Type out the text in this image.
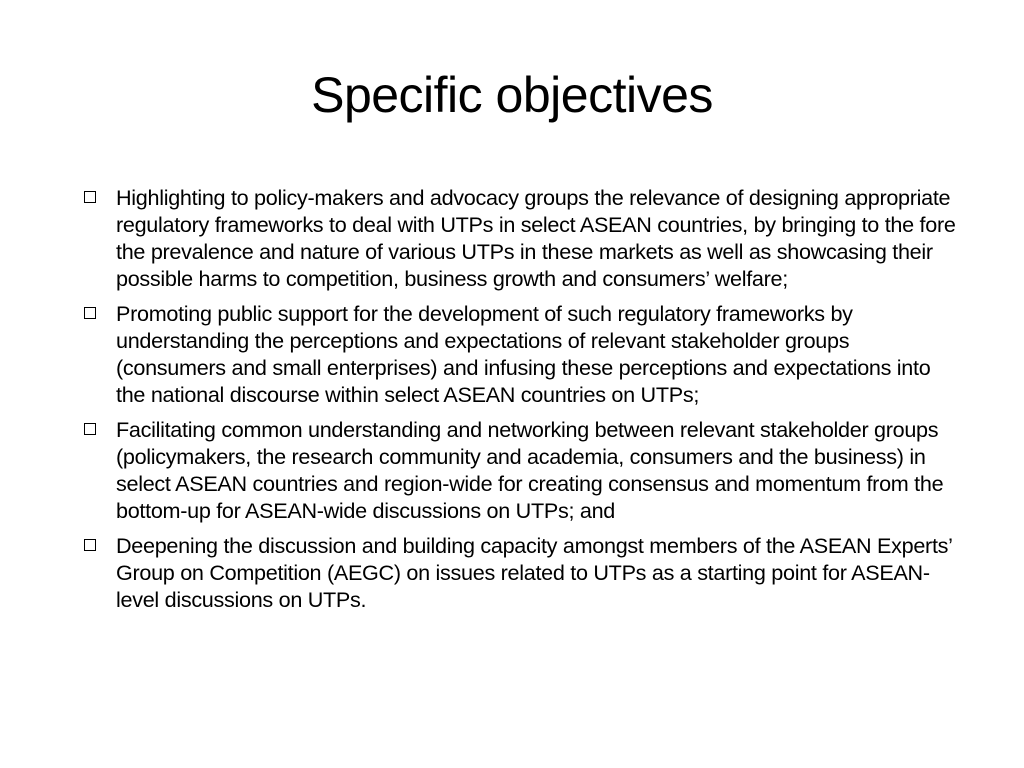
Specific objectives
Highlighting to policy-makers and advocacy groups the relevance of designing appropriate regulatory frameworks to deal with UTPs in select ASEAN countries, by bringing to the fore the prevalence and nature of various UTPs in these markets as well as showcasing their possible harms to competition, business growth and consumers’ welfare;
Promoting public support for the development of such regulatory frameworks by understanding the perceptions and expectations of relevant stakeholder groups (consumers and small enterprises) and infusing these perceptions and expectations into the national discourse within select ASEAN countries on UTPs;
Facilitating common understanding and networking between relevant stakeholder groups (policymakers, the research community and academia, consumers and the business) in select ASEAN countries and region-wide for creating consensus and momentum from the bottom-up for ASEAN-wide discussions on UTPs; and
Deepening the discussion and building capacity amongst members of the ASEAN Experts’ Group on Competition (AEGC) on issues related to UTPs as a starting point for ASEAN-level discussions on UTPs.
